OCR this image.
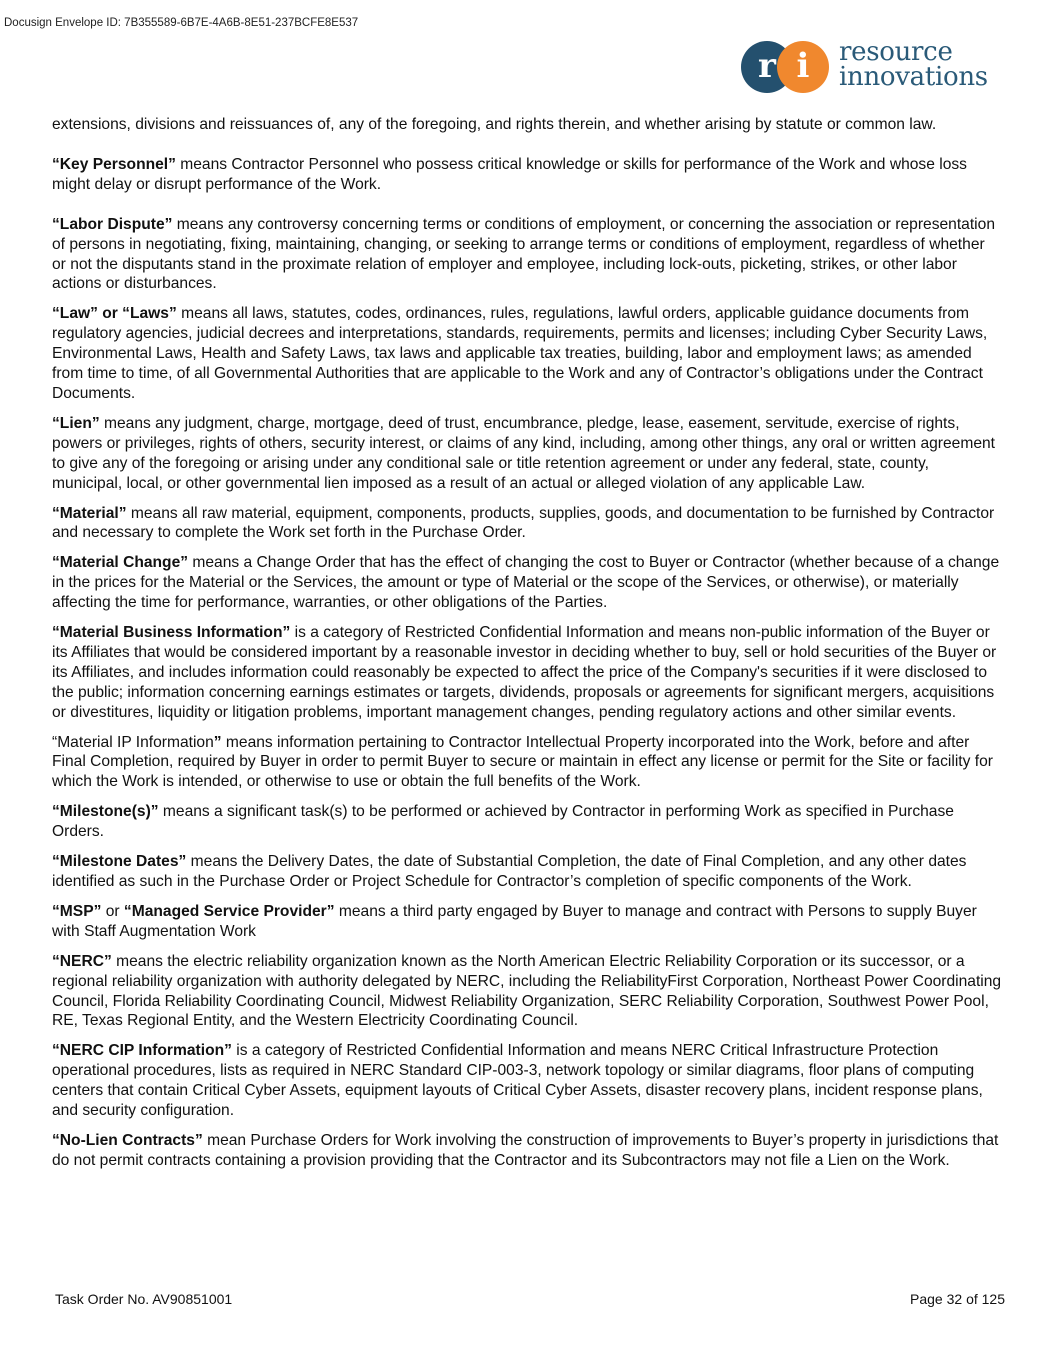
Docusign Envelope ID: 7B355589-6B7E-4A6B-8E51-237BCFE8E537
r i	resource
innovations

extensions, divisions and reissuances of, any of the foregoing, and rights therein, and whether arising by statute or common law.

“Key Personnel” means Contractor Personnel who possess critical knowledge or skills for performance of the Work and whose loss might delay or disrupt performance of the Work.

“Labor Dispute” means any controversy concerning terms or conditions of employment, or concerning the association or representation of persons in negotiating, fixing, maintaining, changing, or seeking to arrange terms or conditions of employment, regardless of whether or not the disputants stand in the proximate relation of employer and employee, including lock-outs, picketing, strikes, or other labor actions or disturbances.

“Law” or “Laws” means all laws, statutes, codes, ordinances, rules, regulations, lawful orders, applicable guidance documents from regulatory agencies, judicial decrees and interpretations, standards, requirements, permits and licenses; including Cyber Security Laws, Environmental Laws, Health and Safety Laws, tax laws and applicable tax treaties, building, labor and employment laws; as amended from time to time, of all Governmental Authorities that are applicable to the Work and any of Contractor’s obligations under the Contract Documents.

“Lien” means any judgment, charge, mortgage, deed of trust, encumbrance, pledge, lease, easement, servitude, exercise of rights, powers or privileges, rights of others, security interest, or claims of any kind, including, among other things, any oral or written agreement to give any of the foregoing or arising under any conditional sale or title retention agreement or under any federal, state, county, municipal, local, or other governmental lien imposed as a result of an actual or alleged violation of any applicable Law.

“Material” means all raw material, equipment, components, products, supplies, goods, and documentation to be furnished by Contractor and necessary to complete the Work set forth in the Purchase Order.

“Material Change” means a Change Order that has the effect of changing the cost to Buyer or Contractor (whether because of a change in the prices for the Material or the Services, the amount or type of Material or the scope of the Services, or otherwise), or materially affecting the time for performance, warranties, or other obligations of the Parties.

“Material Business Information” is a category of Restricted Confidential Information and means non-public information of the Buyer or its Affiliates that would be considered important by a reasonable investor in deciding whether to buy, sell or hold securities of the Buyer or its Affiliates, and includes information could reasonably be expected to affect the price of the Company's securities if it were disclosed to the public; information concerning earnings estimates or targets, dividends, proposals or agreements for significant mergers, acquisitions or divestitures, liquidity or litigation problems, important management changes, pending regulatory actions and other similar events.

“Material IP Information” means information pertaining to Contractor Intellectual Property incorporated into the Work, before and after Final Completion, required by Buyer in order to permit Buyer to secure or maintain in effect any license or permit for the Site or facility for which the Work is intended, or otherwise to use or obtain the full benefits of the Work.

“Milestone(s)” means a significant task(s) to be performed or achieved by Contractor in performing Work as specified in Purchase Orders.

“Milestone Dates” means the Delivery Dates, the date of Substantial Completion, the date of Final Completion, and any other dates identified as such in the Purchase Order or Project Schedule for Contractor’s completion of specific components of the Work.

“MSP” or “Managed Service Provider” means a third party engaged by Buyer to manage and contract with Persons to supply Buyer with Staff Augmentation Work

“NERC” means the electric reliability organization known as the North American Electric Reliability Corporation or its successor, or a regional reliability organization with authority delegated by NERC, including the ReliabilityFirst Corporation, Northeast Power Coordinating Council, Florida Reliability Coordinating Council, Midwest Reliability Organization, SERC Reliability Corporation, Southwest Power Pool, RE, Texas Regional Entity, and the Western Electricity Coordinating Council.

“NERC CIP Information” is a category of Restricted Confidential Information and means NERC Critical Infrastructure Protection operational procedures, lists as required in NERC Standard CIP-003-3, network topology or similar diagrams, floor plans of computing centers that contain Critical Cyber Assets, equipment layouts of Critical Cyber Assets, disaster recovery plans, incident response plans, and security configuration.

“No-Lien Contracts” mean Purchase Orders for Work involving the construction of improvements to Buyer’s property in jurisdictions that do not permit contracts containing a provision providing that the Contractor and its Subcontractors may not file a Lien on the Work.

Task Order No. AV90851001	Page 32 of 125
